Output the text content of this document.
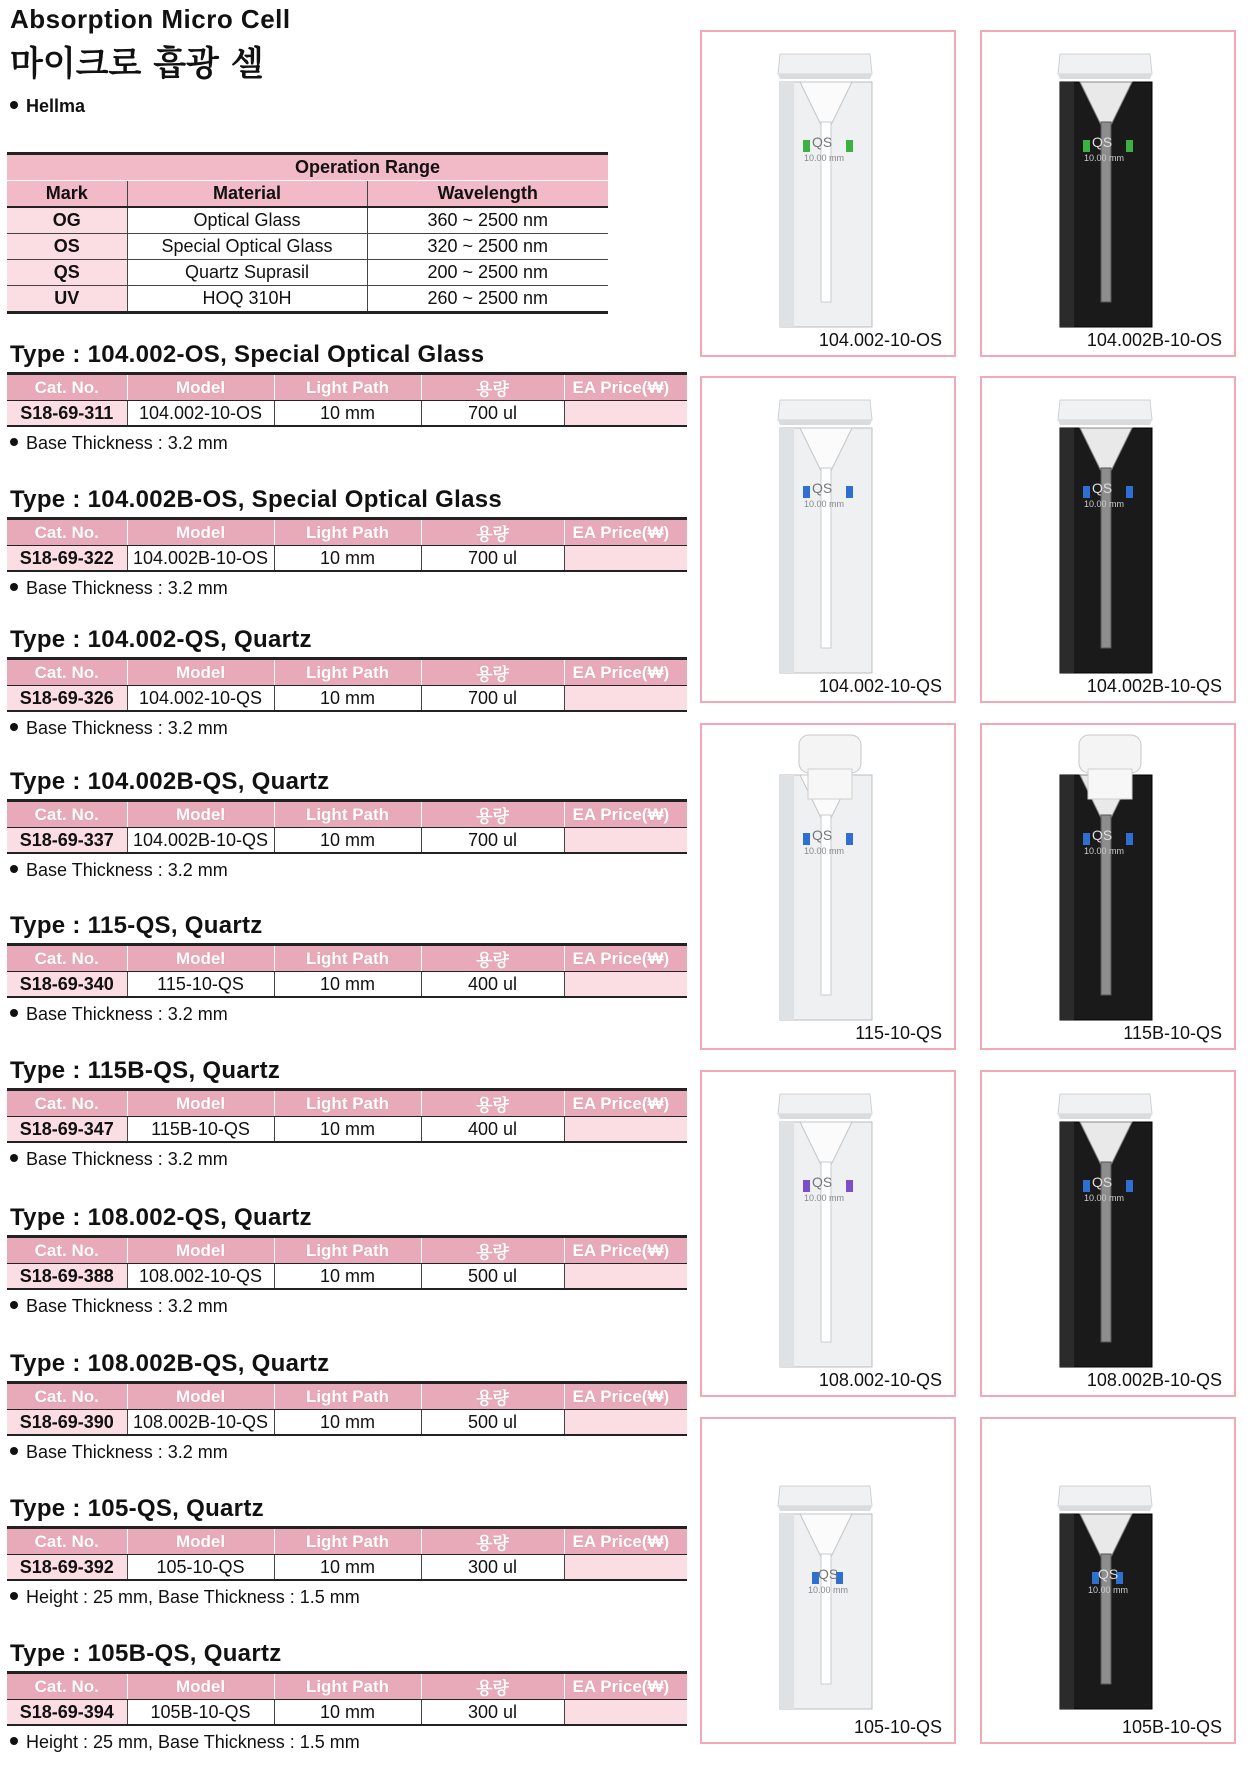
Absorption Micro Cell
마이크로 흡광 셀
Hellma
	Operation Range	
Mark	Material	Wavelength
OG	Optical Glass	360 ~ 2500 nm
OS	Special Optical Glass	320 ~ 2500 nm
QS	Quartz Suprasil	200 ~ 2500 nm
UV	HOQ 310H	260 ~ 2500 nm
Type : 104.002-OS, Special Optical Glass
Cat. No.	Model	Light Path	용량	EA Price(₩)
S18-69-311	104.002-10-OS	10 mm	700 ul	
Base Thickness : 3.2 mm
Type : 104.002B-OS, Special Optical Glass
Cat. No.	Model	Light Path	용량	EA Price(₩)
S18-69-322	104.002B-10-OS	10 mm	700 ul	
Base Thickness : 3.2 mm
Type : 104.002-QS, Quartz
Cat. No.	Model	Light Path	용량	EA Price(₩)
S18-69-326	104.002-10-QS	10 mm	700 ul	
Base Thickness : 3.2 mm
Type : 104.002B-QS, Quartz
Cat. No.	Model	Light Path	용량	EA Price(₩)
S18-69-337	104.002B-10-QS	10 mm	700 ul	
Base Thickness : 3.2 mm
Type : 115-QS, Quartz
Cat. No.	Model	Light Path	용량	EA Price(₩)
S18-69-340	115-10-QS	10 mm	400 ul	
Base Thickness : 3.2 mm
Type : 115B-QS, Quartz
Cat. No.	Model	Light Path	용량	EA Price(₩)
S18-69-347	115B-10-QS	10 mm	400 ul	
Base Thickness : 3.2 mm
Type : 108.002-QS, Quartz
Cat. No.	Model	Light Path	용량	EA Price(₩)
S18-69-388	108.002-10-QS	10 mm	500 ul	
Base Thickness : 3.2 mm
Type : 108.002B-QS, Quartz
Cat. No.	Model	Light Path	용량	EA Price(₩)
S18-69-390	108.002B-10-QS	10 mm	500 ul	
Base Thickness : 3.2 mm
Type : 105-QS, Quartz
Cat. No.	Model	Light Path	용량	EA Price(₩)
S18-69-392	105-10-QS	10 mm	300 ul	
Height : 25 mm, Base Thickness : 1.5 mm
Type : 105B-QS, Quartz
Cat. No.	Model	Light Path	용량	EA Price(₩)
S18-69-394	105B-10-QS	10 mm	300 ul	
Height : 25 mm, Base Thickness : 1.5 mm
QS
10.00 mm
104.002-10-OS
QS
10.00 mm
104.002B-10-OS
QS
10.00 mm
104.002-10-QS
QS
10.00 mm
104.002B-10-QS
QS
10.00 mm
115-10-QS
QS
10.00 mm
115B-10-QS
QS
10.00 mm
108.002-10-QS
QS
10.00 mm
108.002B-10-QS
QS
10.00 mm
105-10-QS
QS
10.00 mm
105B-10-QS
